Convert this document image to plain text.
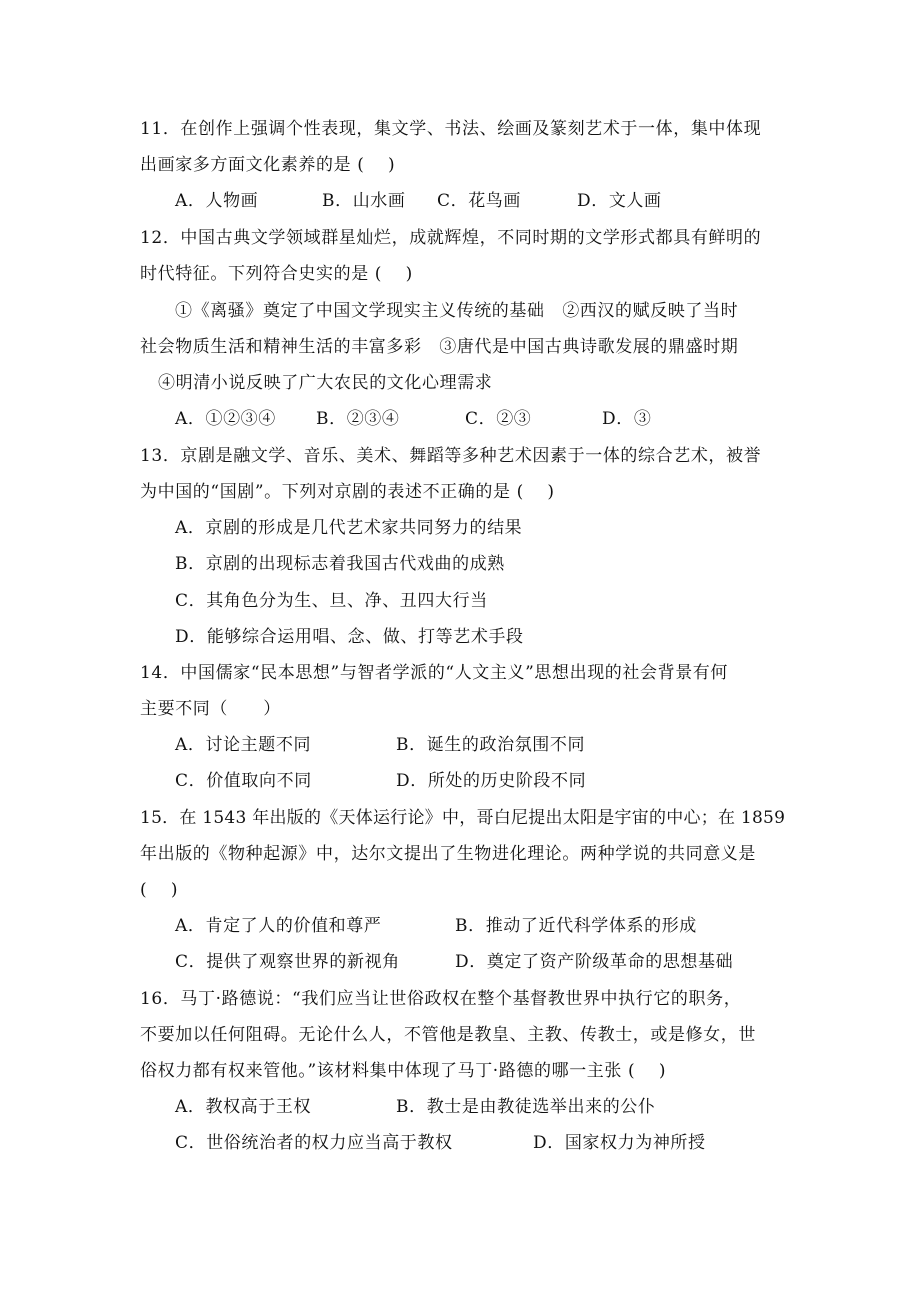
11．在创作上强调个性表现，集文学、书法、绘画及篆刻艺术于一体，集中体现
出画家多方面文化素养的是 (　 )
A．人物画	B．山水画 C．花鸟画	D．文人画
12．中国古典文学领域群星灿烂，成就辉煌，不同时期的文学形式都具有鲜明的
时代特征。下列符合史实的是 (　 )
①《离骚》奠定了中国文学现实主义传统的基础　②西汉的赋反映了当时
社会物质生活和精神生活的丰富多彩　③唐代是中国古典诗歌发展的鼎盛时期
④明清小说反映了广大农民的文化心理需求
A．①②③④ B．②③④	C．②③	D．③
13．京剧是融文学、音乐、美术、舞蹈等多种艺术因素于一体的综合艺术，被誉
为中国的“国剧”。下列对京剧的表述不正确的是 (　 )
A．京剧的形成是几代艺术家共同努力的结果
B．京剧的出现标志着我国古代戏曲的成熟
C．其角色分为生、旦、净、丑四大行当
D．能够综合运用唱、念、做、打等艺术手段
14．中国儒家“民本思想”与智者学派的“人文主义”思想出现的社会背景有何
主要不同（　　）
A．讨论主题不同	B．诞生的政治氛围不同
C．价值取向不同	D．所处的历史阶段不同
15．在 1543 年出版的《天体运行论》中，哥白尼提出太阳是宇宙的中心；在 1859
年出版的《物种起源》中，达尔文提出了生物进化理论。两种学说的共同意义是
(　 )
A．肯定了人的价值和尊严	B．推动了近代科学体系的形成
C．提供了观察世界的新视角	D．奠定了资产阶级革命的思想基础
16．马丁·路德说：“我们应当让世俗政权在整个基督教世界中执行它的职务，
不要加以任何阻碍。无论什么人，不管他是教皇、主教、传教士，或是修女，世
俗权力都有权来管他。”该材料集中体现了马丁·路德的哪一主张 (　 )
A．教权高于王权	B．教士是由教徒选举出来的公仆
C．世俗统治者的权力应当高于教权	D．国家权力为神所授
